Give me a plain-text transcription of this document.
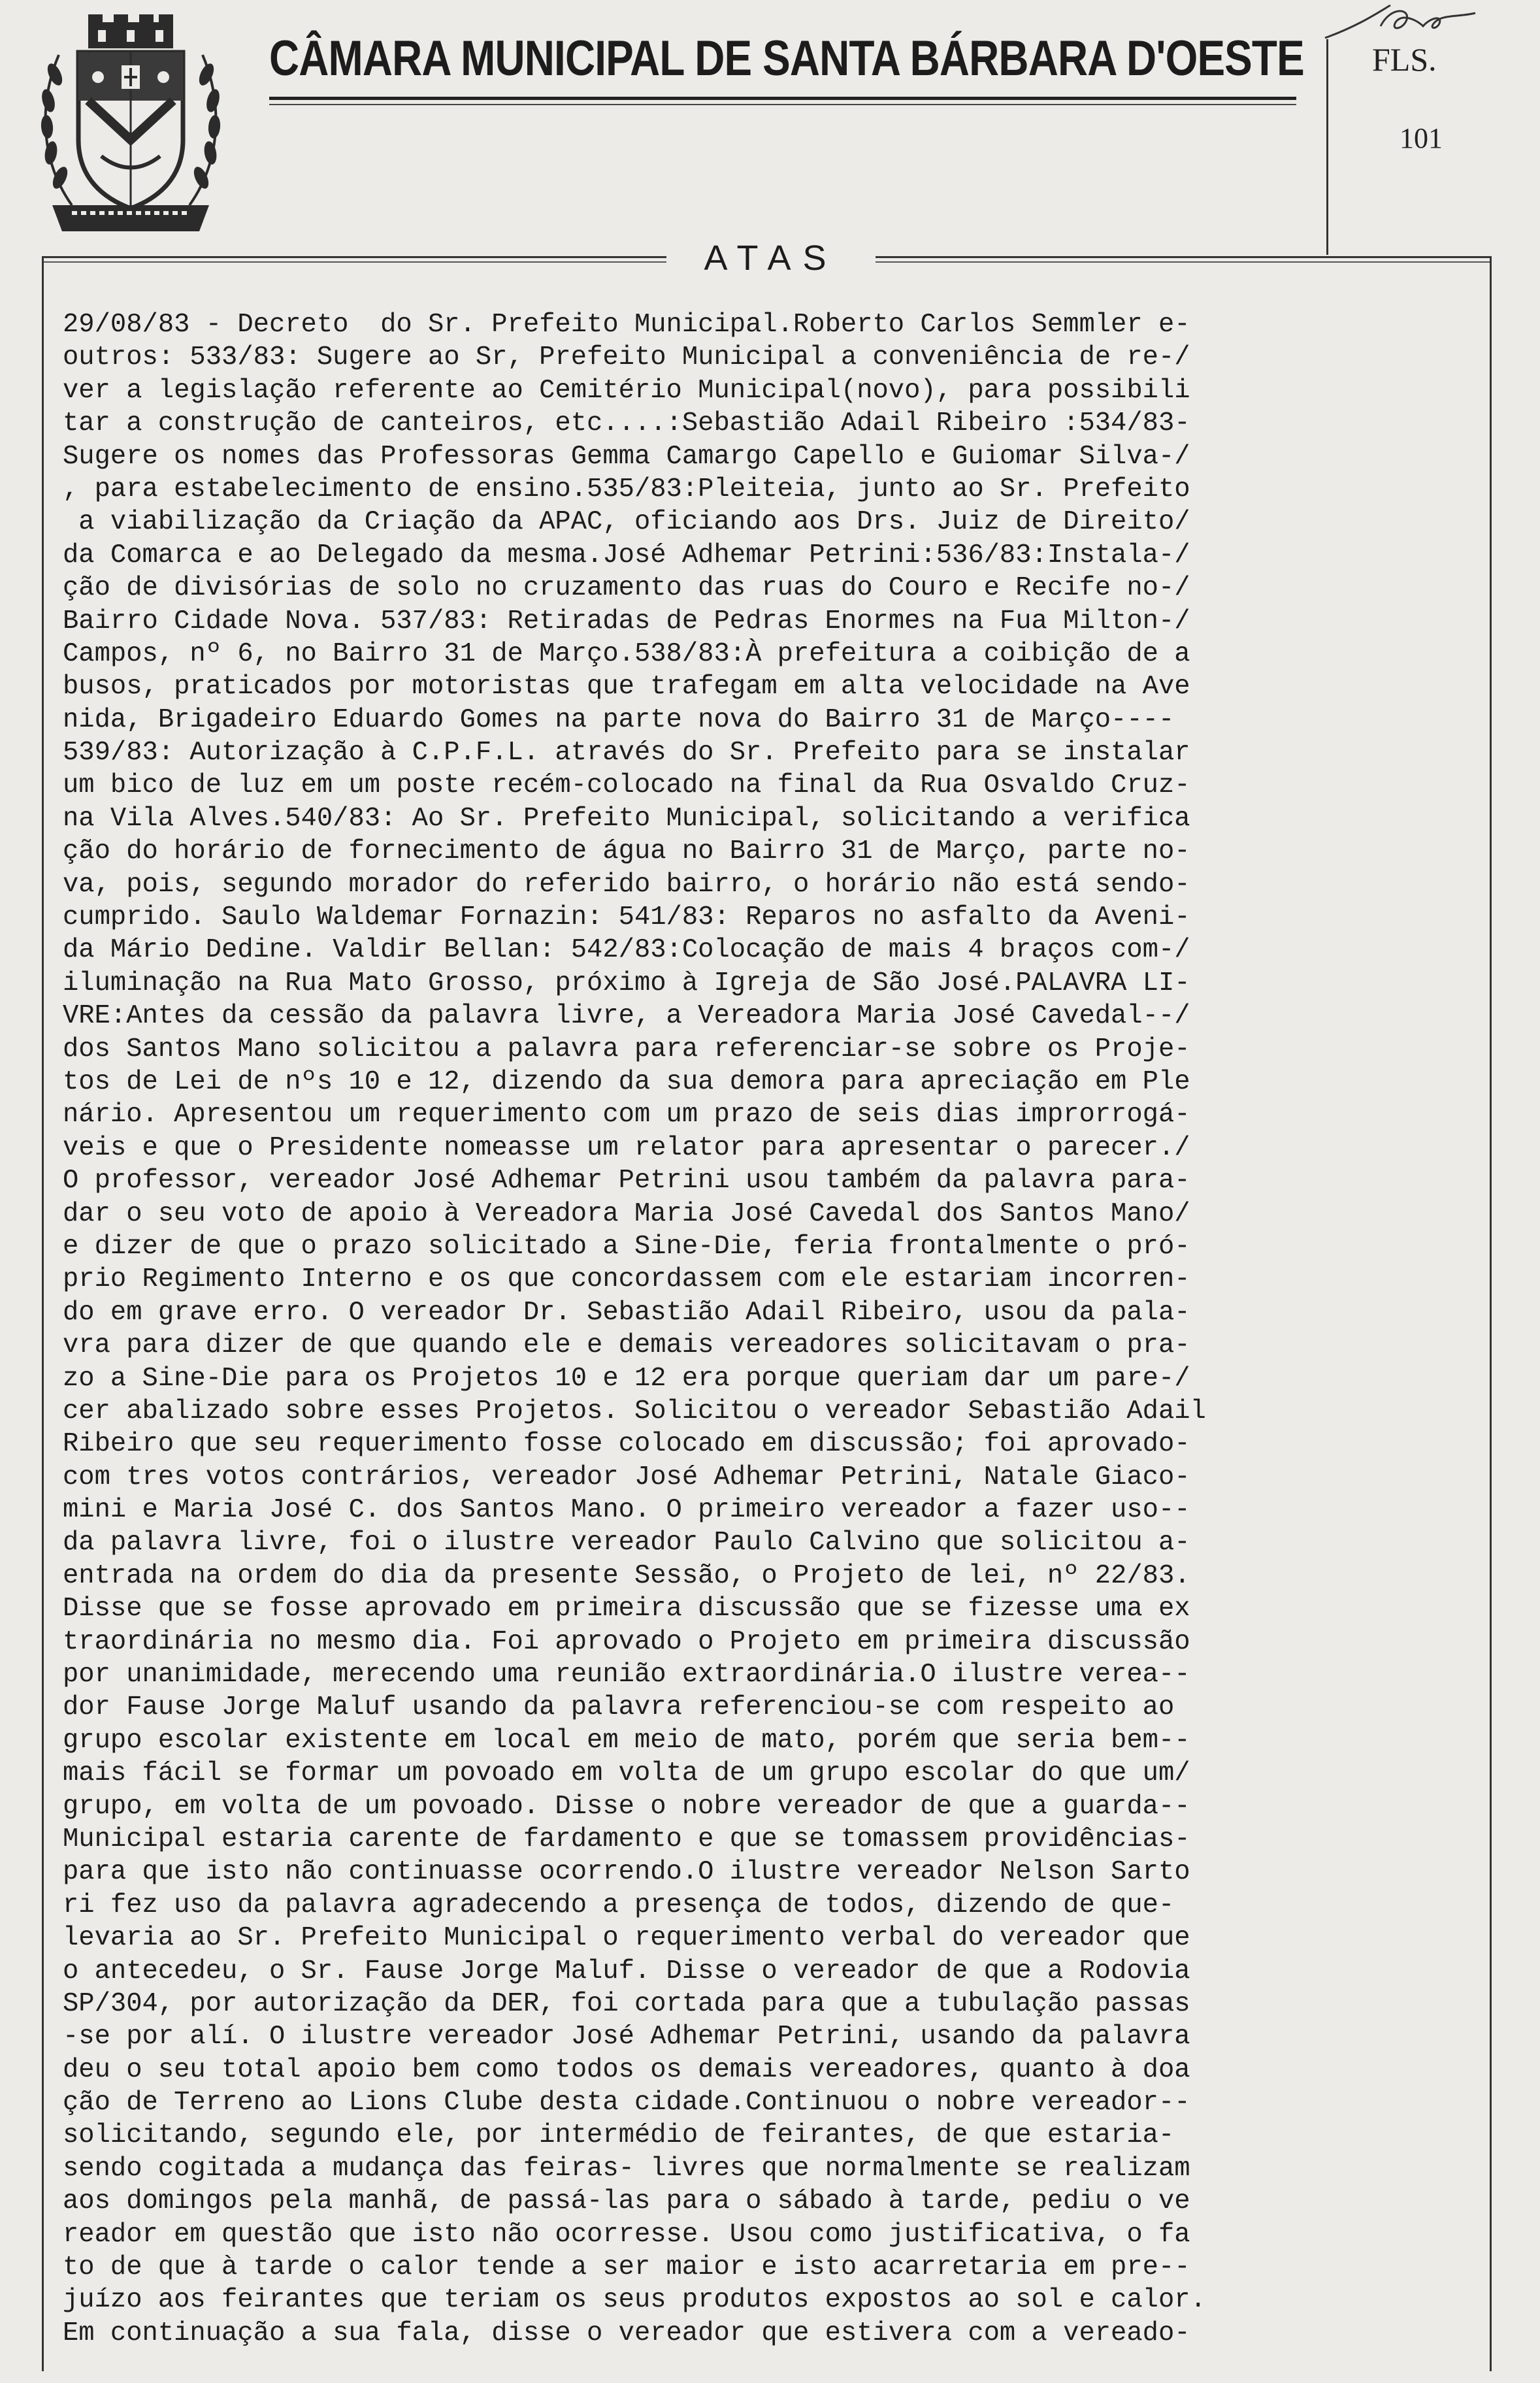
CÂMARA MUNICIPAL DE SANTA BÁRBARA D'OESTE FLS.
101
ATAS
29/08/83 - Decreto  do Sr. Prefeito Municipal.Roberto Carlos Semmler e-
outros: 533/83: Sugere ao Sr, Prefeito Municipal a conveniência de re-/
ver a legislação referente ao Cemitério Municipal(novo), para possibili
tar a construção de canteiros, etc....:Sebastião Adail Ribeiro :534/83-
Sugere os nomes das Professoras Gemma Camargo Capello e Guiomar Silva-/
, para estabelecimento de ensino.535/83:Pleiteia, junto ao Sr. Prefeito
a viabilização da Criação da APAC, oficiando aos Drs. Juiz de Direito/
da Comarca e ao Delegado da mesma.José Adhemar Petrini:536/83:Instala-/
ção de divisórias de solo no cruzamento das ruas do Couro e Recife no-/
Bairro Cidade Nova. 537/83: Retiradas de Pedras Enormes na Fua Milton-/
Campos, nº 6, no Bairro 31 de Março.538/83:À prefeitura a coibição de a
busos, praticados por motoristas que trafegam em alta velocidade na Ave
nida, Brigadeiro Eduardo Gomes na parte nova do Bairro 31 de Março----
539/83: Autorização à C.P.F.L. através do Sr. Prefeito para se instalar
um bico de luz em um poste recém-colocado na final da Rua Osvaldo Cruz-
na Vila Alves.540/83: Ao Sr. Prefeito Municipal, solicitando a verifica
ção do horário de fornecimento de água no Bairro 31 de Março, parte no-
va, pois, segundo morador do referido bairro, o horário não está sendo-
cumprido. Saulo Waldemar Fornazin: 541/83: Reparos no asfalto da Aveni-
da Mário Dedine. Valdir Bellan: 542/83:Colocação de mais 4 braços com-/
iluminação na Rua Mato Grosso, próximo à Igreja de São José.PALAVRA LI-
VRE:Antes da cessão da palavra livre, a Vereadora Maria José Cavedal--/
dos Santos Mano solicitou a palavra para referenciar-se sobre os Proje-
tos de Lei de nºs 10 e 12, dizendo da sua demora para apreciação em Ple
nário. Apresentou um requerimento com um prazo de seis dias improrrogá-
veis e que o Presidente nomeasse um relator para apresentar o parecer./
O professor, vereador José Adhemar Petrini usou também da palavra para-
dar o seu voto de apoio à Vereadora Maria José Cavedal dos Santos Mano/
e dizer de que o prazo solicitado a Sine-Die, feria frontalmente o pró-
prio Regimento Interno e os que concordassem com ele estariam incorren-
do em grave erro. O vereador Dr. Sebastião Adail Ribeiro, usou da pala-
vra para dizer de que quando ele e demais vereadores solicitavam o pra-
zo a Sine-Die para os Projetos 10 e 12 era porque queriam dar um pare-/
cer abalizado sobre esses Projetos. Solicitou o vereador Sebastião Adail
Ribeiro que seu requerimento fosse colocado em discussão; foi aprovado-
com tres votos contrários, vereador José Adhemar Petrini, Natale Giaco-
mini e Maria José C. dos Santos Mano. O primeiro vereador a fazer uso--
da palavra livre, foi o ilustre vereador Paulo Calvino que solicitou a-
entrada na ordem do dia da presente Sessão, o Projeto de lei, nº 22/83.
Disse que se fosse aprovado em primeira discussão que se fizesse uma ex
traordinária no mesmo dia. Foi aprovado o Projeto em primeira discussão
por unanimidade, merecendo uma reunião extraordinária.O ilustre verea--
dor Fause Jorge Maluf usando da palavra referenciou-se com respeito ao
grupo escolar existente em local em meio de mato, porém que seria bem--
mais fácil se formar um povoado em volta de um grupo escolar do que um/
grupo, em volta de um povoado. Disse o nobre vereador de que a guarda--
Municipal estaria carente de fardamento e que se tomassem providências-
para que isto não continuasse ocorrendo.O ilustre vereador Nelson Sarto
ri fez uso da palavra agradecendo a presença de todos, dizendo de que-
levaria ao Sr. Prefeito Municipal o requerimento verbal do vereador que
o antecedeu, o Sr. Fause Jorge Maluf. Disse o vereador de que a Rodovia
SP/304, por autorização da DER, foi cortada para que a tubulação passas
-se por alí. O ilustre vereador José Adhemar Petrini, usando da palavra
deu o seu total apoio bem como todos os demais vereadores, quanto à doa
ção de Terreno ao Lions Clube desta cidade.Continuou o nobre vereador--
solicitando, segundo ele, por intermédio de feirantes, de que estaria-
sendo cogitada a mudança das feiras- livres que normalmente se realizam
aos domingos pela manhã, de passá-las para o sábado à tarde, pediu o ve
reador em questão que isto não ocorresse. Usou como justificativa, o fa
to de que à tarde o calor tende a ser maior e isto acarretaria em pre--
juízo aos feirantes que teriam os seus produtos expostos ao sol e calor.
Em continuação a sua fala, disse o vereador que estivera com a vereado-
